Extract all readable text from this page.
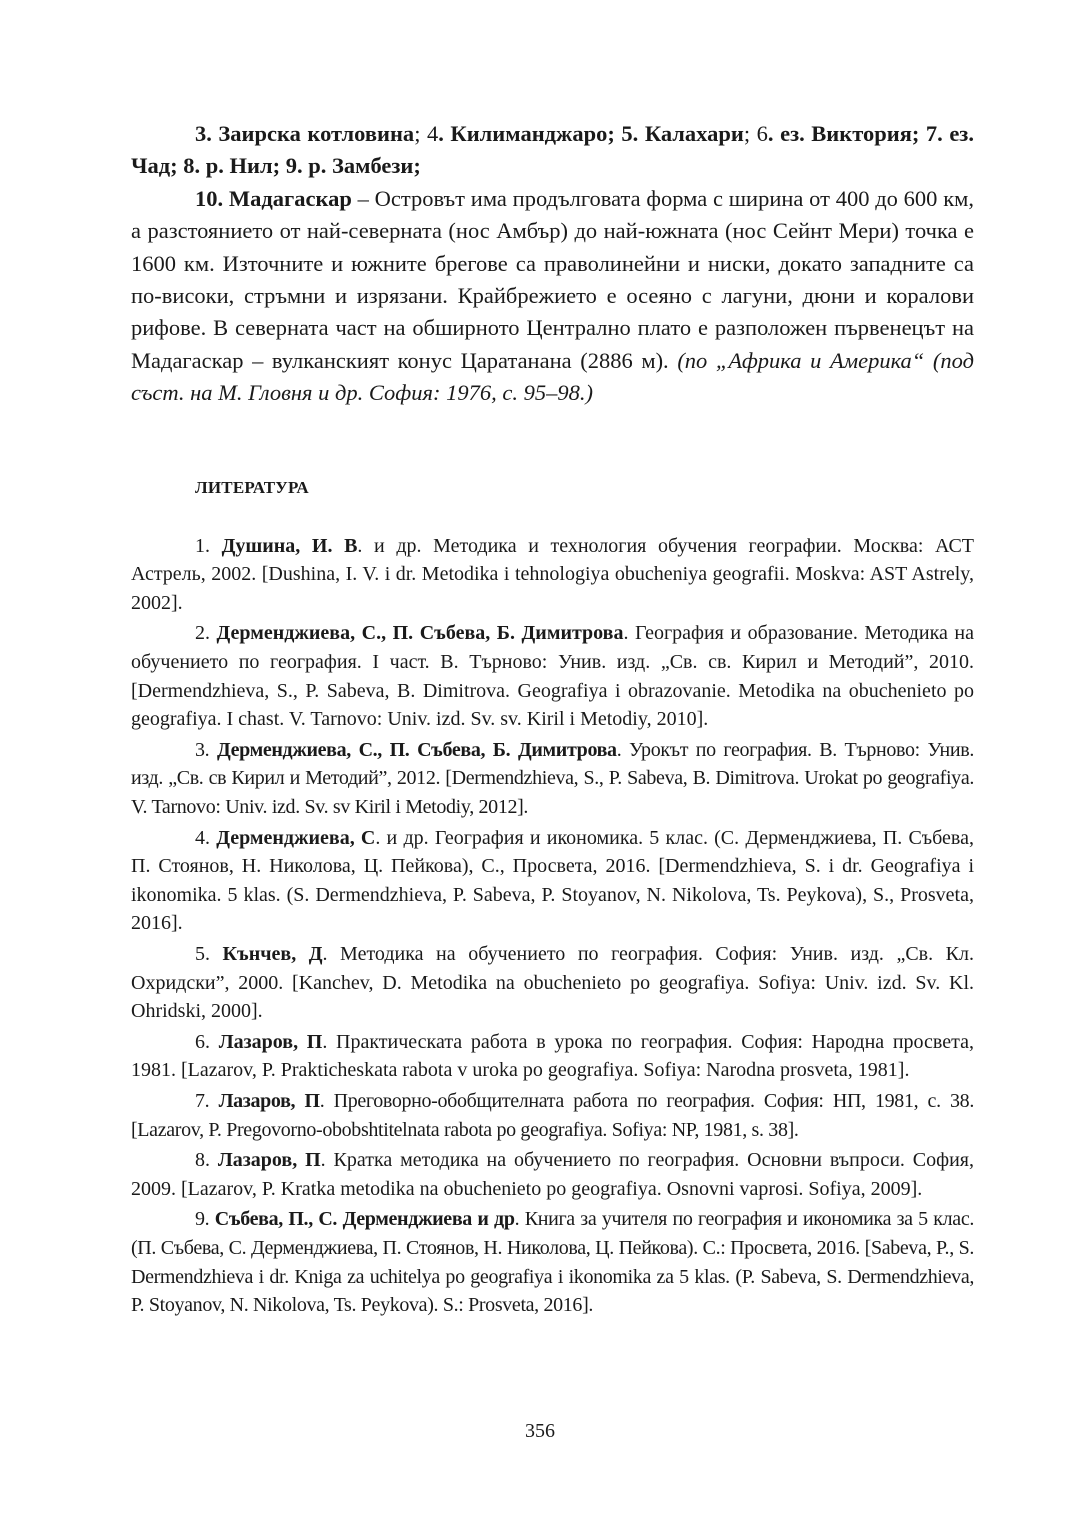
3. Заирска котловина; 4. Килиманджаро; 5. Калахари; 6. ез. Виктория; 7. ез. Чад; 8. р. Нил; 9. р. Замбези;

10. Мадагаскар – Островът има продълговата форма с ширина от 400 до 600 км, а разстоянието от най-северната (нос Амбър) до най-южната (нос Сейнт Мери) точка е 1600 км. Източните и южните брегове са праволинейни и ниски, докато западните са по-високи, стръмни и изрязани. Крайбрежието е осеяно с лагуни, дюни и коралови рифове. В северната част на обширното Централно плато е разположен първенецът на Мадагаскар – вулканският конус Царатанана (2886 м). (по „Африка и Америка“ (под съст. на М. Гловня и др. София: 1976, с. 95–98.)

ЛИТЕРАТУРА

1. Душина, И. В. и др. Методика и технология обучения географии. Москва: АСТ Астрель, 2002. [Dushina, I. V. i dr. Metodika i tehnologiya obucheniya geografii. Moskva: AST Astrely, 2002].

2. Дерменджиева, С., П. Събева, Б. Димитрова. География и образование. Методика на обучението по география. I част. В. Търново: Унив. изд. „Св. св. Кирил и Методий”, 2010. [Dermendzhieva, S., P. Sabeva, B. Dimitrova. Geografiya i obrazovanie. Metodika na obuchenieto po geografiya. I chast. V. Tarnovo: Univ. izd. Sv. sv. Kiril i Metodiy, 2010].

3. Дерменджиева, С., П. Събева, Б. Димитрова. Урокът по география. В. Търново: Унив. изд. „Св. св Кирил и Методий”, 2012. [Dermendzhieva, S., P. Sabeva, B. Dimitrova. Urokat po geografiya. V. Tarnovo: Univ. izd. Sv. sv Kiril i Metodiy, 2012].

4. Дерменджиева, С. и др. География и икономика. 5 клас. (С. Дерменджиева, П. Събева, П. Стоянов, Н. Николова, Ц. Пейкова), С., Просвета, 2016. [Dermendzhieva, S. i dr. Geografiya i ikonomika. 5 klas. (S. Dermendzhieva, P. Sabeva, P. Stoyanov, N. Nikolova, Ts. Peykova), S., Prosveta, 2016].

5. Кънчев, Д. Методика на обучението по география. София: Унив. изд. „Св. Кл. Охридски”, 2000. [Kanchev, D. Metodika na obuchenieto po geografiya. Sofiya: Univ. izd. Sv. Kl. Ohridski, 2000].

6. Лазаров, П. Практическата работа в урока по география. София: Народна просвета, 1981. [Lazarov, P. Prakticheskata rabota v uroka po geografiya. Sofiya: Narodna prosveta, 1981].

7. Лазаров, П. Преговорно-обобщителната работа по география. София: НП, 1981, с. 38. [Lazarov, P. Pregovorno-obobshtitelnata rabota po geografiya. Sofiya: NP, 1981, s. 38].

8. Лазаров, П. Кратка методика на обучението по география. Основни въпроси. София, 2009. [Lazarov, P. Kratka metodika na obuchenieto po geografiya. Osnovni vaprosi. Sofiya, 2009].

9. Събева, П., С. Дерменджиева и др. Книга за учителя по география и икономика за 5 клас. (П. Събева, С. Дерменджиева, П. Стоянов, Н. Николова, Ц. Пейкова). С.: Просвета, 2016. [Sabeva, P., S. Dermendzhieva i dr. Kniga za uchitelya po geografiya i ikonomika za 5 klas. (P. Sabeva, S. Dermendzhieva, P. Stoyanov, N. Nikolova, Ts. Peykova). S.: Prosveta, 2016].

356
